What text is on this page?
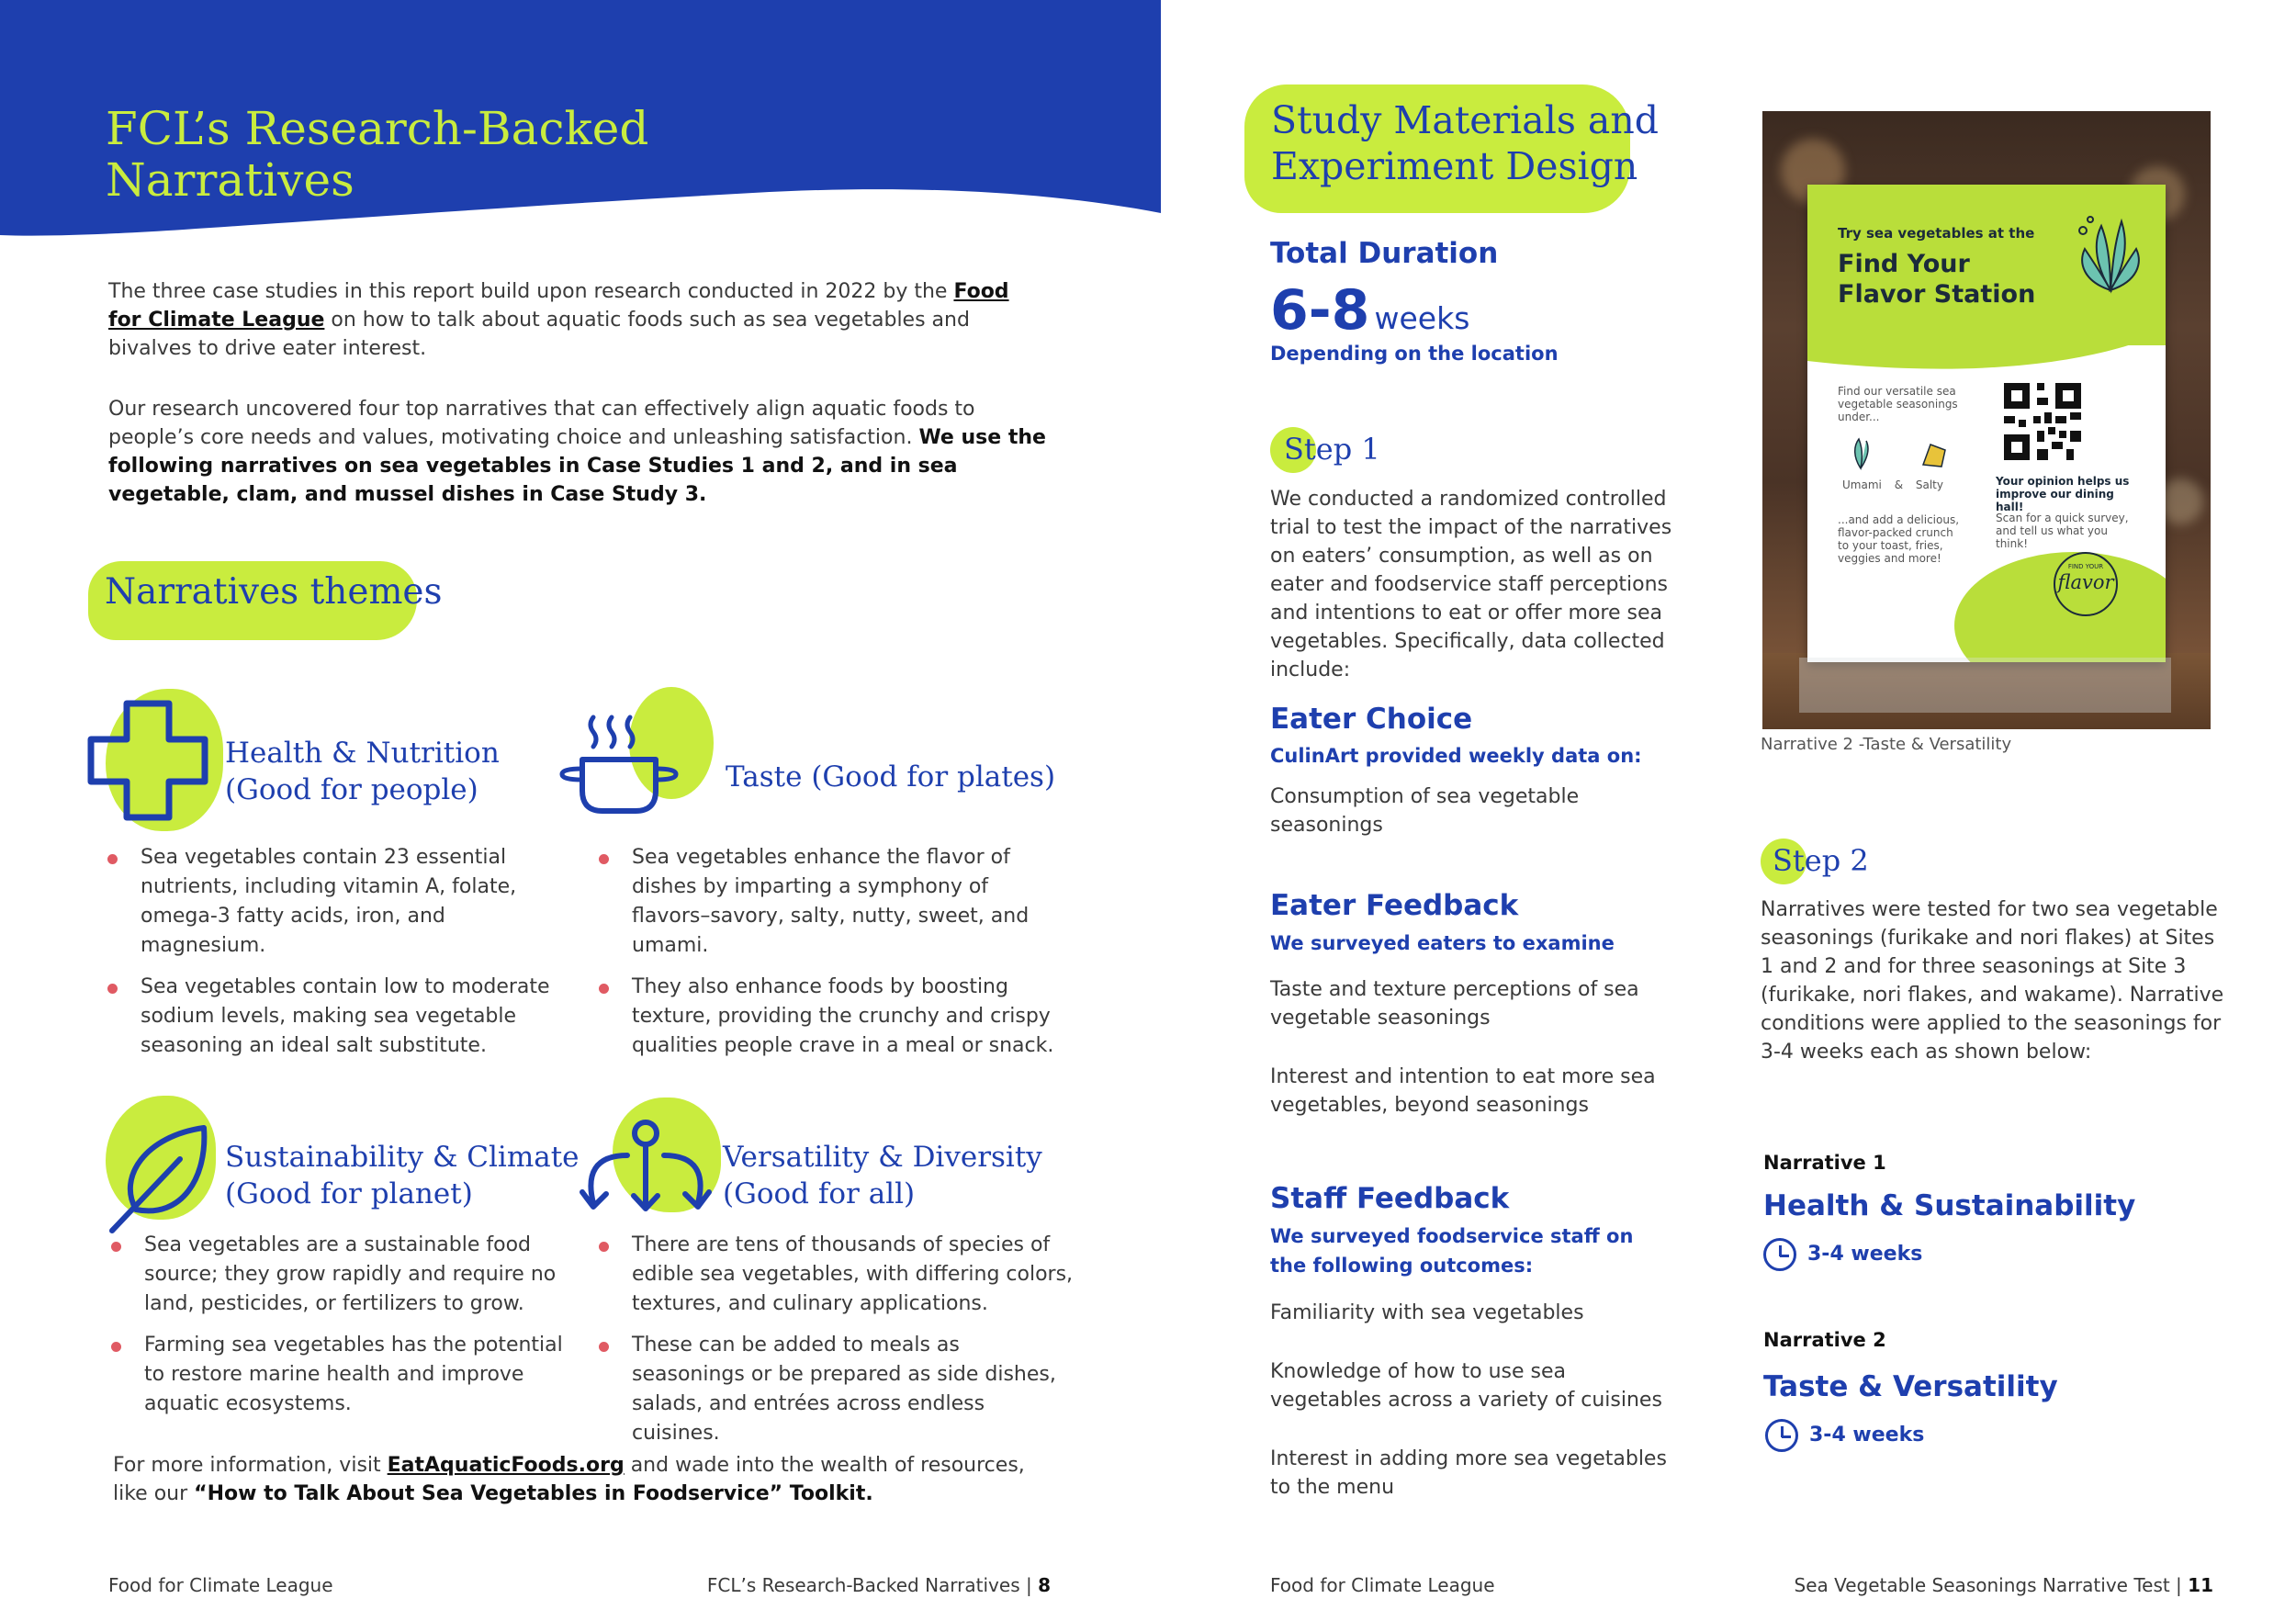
FCL’s Research-Backed
Narratives
The three case studies in this report build upon research conducted in 2022 by the Food for Climate League on how to talk about aquatic foods such as sea vegetables and bivalves to drive eater interest.
Our research uncovered four top narratives that can effectively align aquatic foods to people’s core needs and values, motivating choice and unleashing satisfaction. We use the following narratives on sea vegetables in Case Studies 1 and 2, and in sea vegetable, clam, and mussel dishes in Case Study 3.
Narratives themes
Health & Nutrition
(Good for people)
Sea vegetables contain 23 essential nutrients, including vitamin A, folate, omega-3 fatty acids, iron, and magnesium.
Sea vegetables contain low to moderate sodium levels, making sea vegetable seasoning an ideal salt substitute.
Taste (Good for plates)
Sea vegetables enhance the flavor of dishes by imparting a symphony of flavors–savory, salty, nutty, sweet, and umami.
They also enhance foods by boosting texture, providing the crunchy and crispy qualities people crave in a meal or snack.
Sustainability & Climate
(Good for planet)
Sea vegetables are a sustainable food source; they grow rapidly and require no land, pesticides, or fertilizers to grow.
Farming sea vegetables has the potential to restore marine health and improve aquatic ecosystems.
Versatility & Diversity
(Good for all)
There are tens of thousands of species of edible sea vegetables, with differing colors, textures, and culinary applications.
These can be added to meals as seasonings or be prepared as side dishes, salads, and entrées across endless cuisines.
For more information, visit EatAquaticFoods.org and wade into the wealth of resources, like our “How to Talk About Sea Vegetables in Foodservice” Toolkit.
Food for Climate League	FCL’s Research-Backed Narratives | 8
Study Materials and
Experiment Design
Total Duration
6-8 weeks
Depending on the location
Step 1
We conducted a randomized controlled trial to test the impact of the narratives on eaters’ consumption, as well as on eater and foodservice staff perceptions and intentions to eat or offer more sea vegetables. Specifically, data collected include:
Eater Choice
CulinArt provided weekly data on:
Consumption of sea vegetable seasonings
Eater Feedback
We surveyed eaters to examine
Taste and texture perceptions of sea vegetable seasonings
Interest and intention to eat more sea vegetables, beyond seasonings
Staff Feedback
We surveyed foodservice staff on
the following outcomes:
Familiarity with sea vegetables
Knowledge of how to use sea vegetables across a variety of cuisines
Interest in adding more sea vegetables to the menu
Try sea vegetables at the
Find Your
Flavor Station
Find our versatile sea vegetable seasonings under...
Umami & Salty
...and add a delicious, flavor-packed crunch to your toast, fries, veggies and more!
Your opinion helps us improve our dining hall!
Scan for a quick survey, and tell us what you think!
FIND YOUR
flavor
Narrative 2 -Taste & Versatility
Step 2
Narratives were tested for two sea vegetable seasonings (furikake and nori flakes) at Sites 1 and 2 and for three seasonings at Site 3 (furikake, nori flakes, and wakame). Narrative conditions were applied to the seasonings for 3-4 weeks each as shown below:
Narrative 1
Health & Sustainability
3-4 weeks
Narrative 2
Taste & Versatility
3-4 weeks
Food for Climate League	Sea Vegetable Seasonings Narrative Test | 11
